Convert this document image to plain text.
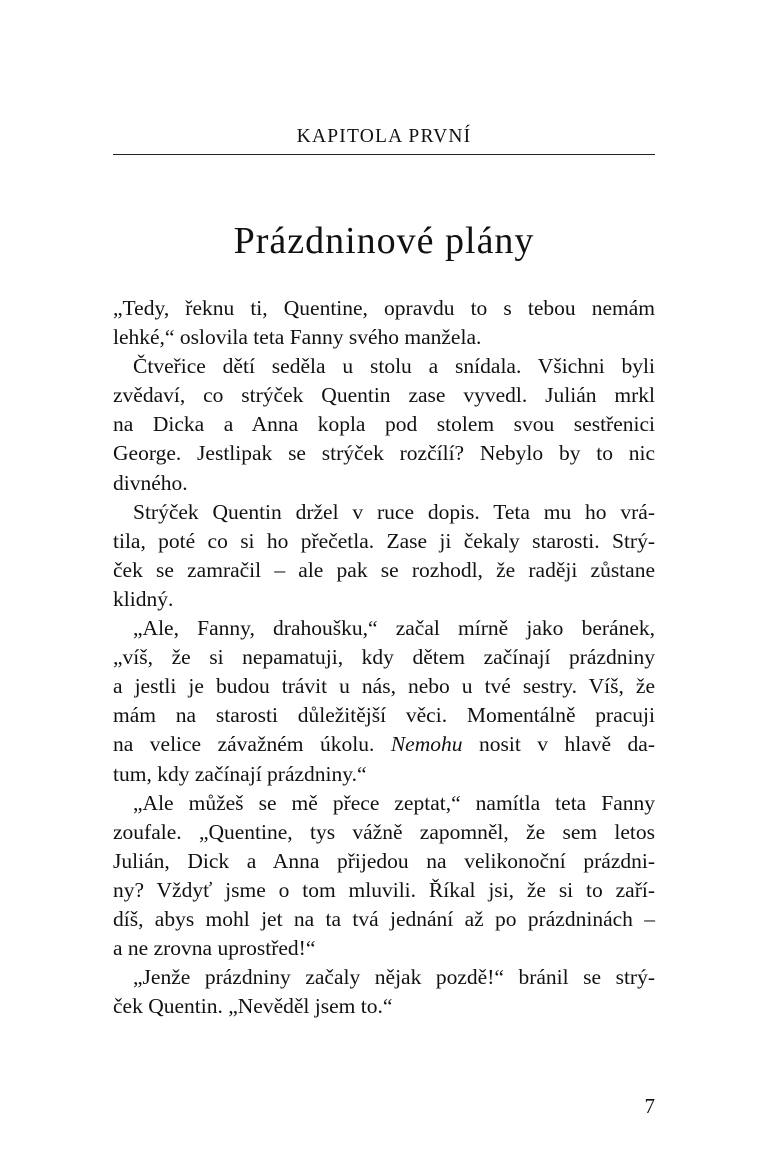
KAPITOLA PRVNÍ
Prázdninové plány

„Tedy, řeknu ti, Quentine, opravdu to s tebou nemám
lehké,“ oslovila teta Fanny svého manžela.

Čtveřice dětí seděla u stolu a snídala. Všichni byli
zvědaví, co strýček Quentin zase vyvedl. Julián mrkl
na Dicka a Anna kopla pod stolem svou sestřenici
George. Jestlipak se strýček rozčílí? Nebylo by to nic
divného.

Strýček Quentin držel v ruce dopis. Teta mu ho vrá-
tila, poté co si ho přečetla. Zase ji čekaly starosti. Strý-
ček se zamračil – ale pak se rozhodl, že raději zůstane
klidný.

„Ale, Fanny, drahoušku,“ začal mírně jako beránek,
„víš, že si nepamatuji, kdy dětem začínají prázdniny
a jestli je budou trávit u nás, nebo u tvé sestry. Víš, že
mám na starosti důležitější věci. Momentálně pracuji
na velice závažném úkolu. Nemohu nosit v hlavě da-
tum, kdy začínají prázdniny.“

„Ale můžeš se mě přece zeptat,“ namítla teta Fanny
zoufale. „Quentine, tys vážně zapomněl, že sem letos
Julián, Dick a Anna přijedou na velikonoční prázdni-
ny? Vždyť jsme o tom mluvili. Říkal jsi, že si to zaří-
díš, abys mohl jet na ta tvá jednání až po prázdninách –
a ne zrovna uprostřed!“

„Jenže prázdniny začaly nějak pozdě!“ bránil se strý-
ček Quentin. „Nevěděl jsem to.“

7
